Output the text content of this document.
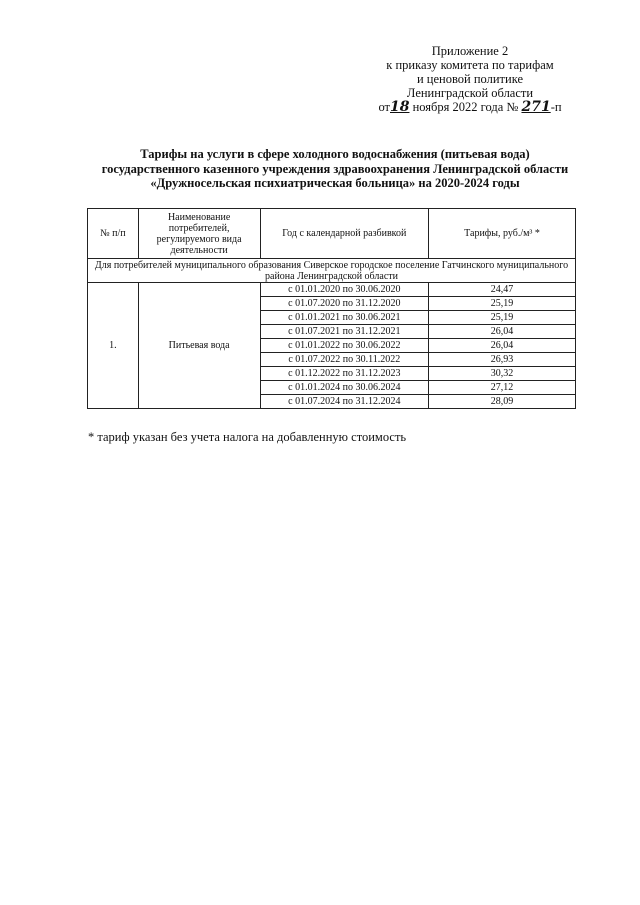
Приложение 2
к приказу комитета по тарифам
и ценовой политике
Ленинградской области
от18 ноября 2022 года № 271-п
Тарифы на услуги в сфере холодного водоснабжения (питьевая вода) государственного казенного учреждения здравоохранения Ленинградской области «Дружносельская психиатрическая больница» на 2020-2024 годы
№ п/п	Наименование потребителей, регулируемого вида деятельности	Год с календарной разбивкой	Тарифы, руб./м³ *
Для потребителей муниципального образования Сиверское городское поселение Гатчинского муниципального района Ленинградской области			
1.	Питьевая вода	с 01.01.2020 по 30.06.2020	24,47
		с 01.07.2020 по 31.12.2020	25,19
		с 01.01.2021 по 30.06.2021	25,19
		с 01.07.2021 по 31.12.2021	26,04
		с 01.01.2022 по 30.06.2022	26,04
		с 01.07.2022 по 30.11.2022	26,93
		с 01.12.2022 по 31.12.2023	30,32
		с 01.01.2024 по 30.06.2024	27,12
		с 01.07.2024 по 31.12.2024	28,09
* тариф указан без учета налога на добавленную стоимость
